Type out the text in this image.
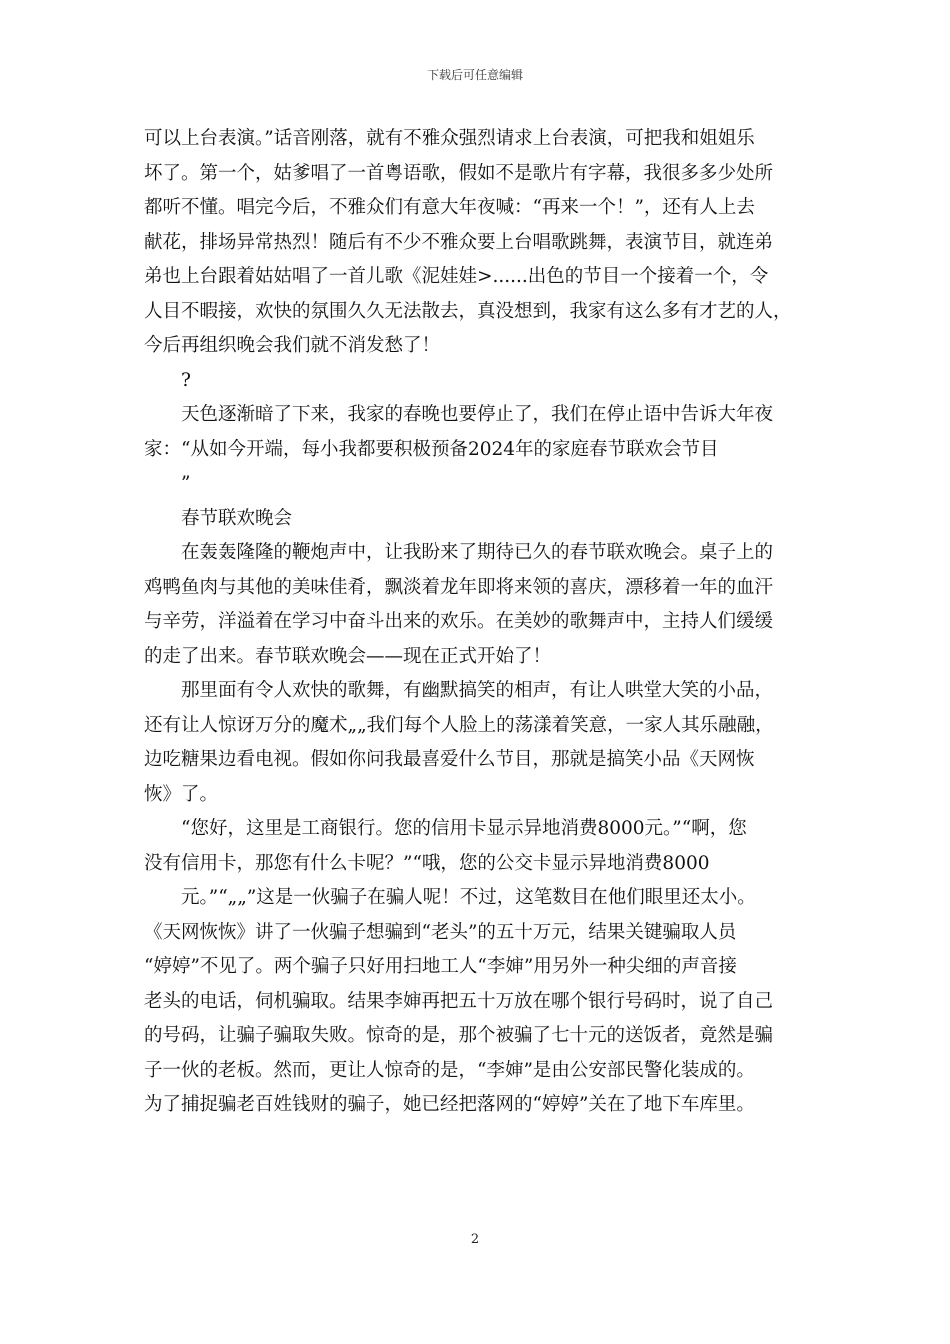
下载后可任意编辑

可以上台表演。”话音刚落，就有不雅众强烈请求上台表演，可把我和姐姐乐

坏了。第一个，姑爹唱了一首粤语歌，假如不是歌片有字幕，我很多多少处所

都听不懂。唱完今后，不雅众们有意大年夜喊：“再来一个！”，还有人上去

献花，排场异常热烈！随后有不少不雅众要上台唱歌跳舞，表演节目，就连弟

弟也上台跟着姑姑唱了一首儿歌《泥娃娃>......出色的节目一个接着一个，令

人目不暇接，欢快的氛围久久无法散去，真没想到，我家有这么多有才艺的人，

今后再组织晚会我们就不消发愁了！

?

天色逐渐暗了下来，我家的春晚也要停止了，我们在停止语中告诉大年夜

家：“从如今开端，每小我都要积极预备2024年的家庭春节联欢会节目

”

春节联欢晚会

在轰轰隆隆的鞭炮声中，让我盼来了期待已久的春节联欢晚会。桌子上的

鸡鸭鱼肉与其他的美味佳肴，飘淡着龙年即将来领的喜庆，漂移着一年的血汗

与辛劳，洋溢着在学习中奋斗出来的欢乐。在美妙的歌舞声中，主持人们缓缓

的走了出来。春节联欢晚会——现在正式开始了！

那里面有令人欢快的歌舞，有幽默搞笑的相声，有让人哄堂大笑的小品，

还有让人惊讶万分的魔术„„我们每个人脸上的荡漾着笑意，一家人其乐融融，

边吃糖果边看电视。假如你问我最喜爱什么节目，那就是搞笑小品《天网恢

恢》了。

“您好，这里是工商银行。您的信用卡显示异地消费8000元。”“啊，您

没有信用卡，那您有什么卡呢？”“哦，您的公交卡显示异地消费8000

元。”“„„”这是一伙骗子在骗人呢！不过，这笔数目在他们眼里还太小。

《天网恢恢》讲了一伙骗子想骗到“老头”的五十万元，结果关键骗取人员

“婷婷”不见了。两个骗子只好用扫地工人“李婶”用另外一种尖细的声音接

老头的电话，伺机骗取。结果李婶再把五十万放在哪个银行号码时，说了自己

的号码，让骗子骗取失败。惊奇的是，那个被骗了七十元的送饭者，竟然是骗

子一伙的老板。然而，更让人惊奇的是，“李婶”是由公安部民警化装成的。

为了捕捉骗老百姓钱财的骗子，她已经把落网的“婷婷”关在了地下车库里。

2
